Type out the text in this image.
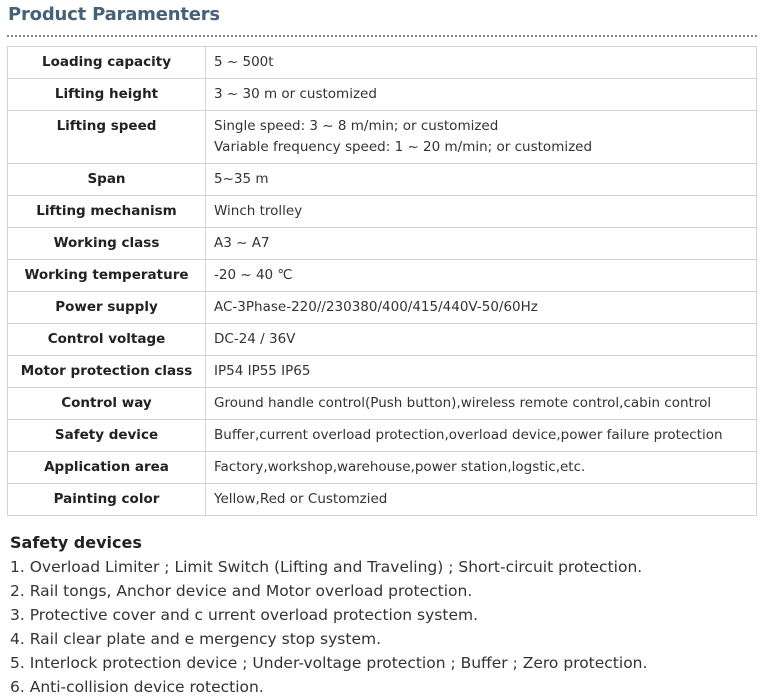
Product Paramenters
Loading capacity	5 ~ 500t

Lifting height	3 ~ 30 m or customized

Lifting speed	Single speed: 3 ~ 8 m/min; or customized
Variable frequency speed: 1 ~ 20 m/min; or customized

Span	5~35 m

Lifting mechanism	Winch trolley

Working class	A3 ~ A7

Working temperature	-20 ~ 40 ℃

Power supply	AC-3Phase-220//230380/400/415/440V-50/60Hz

Control voltage	DC-24 / 36V

Motor protection class	IP54 IP55 IP65

Control way	Ground handle control(Push button),wireless remote control,cabin control

Safety device	Buffer,current overload protection,overload device,power failure protection

Application area	Factory,workshop,warehouse,power station,logstic,etc.

Painting color	Yellow,Red or Customzied
Safety devices
1. Overload Limiter ; Limit Switch (Lifting and Traveling) ; Short-circuit protection.
2. Rail tongs, Anchor device and Motor overload protection.
3. Protective cover and c urrent overload protection system.
4. Rail clear plate and e mergency stop system.
5. Interlock protection device ; Under-voltage protection ; Buffer ; Zero protection.
6. Anti-collision device rotection.
